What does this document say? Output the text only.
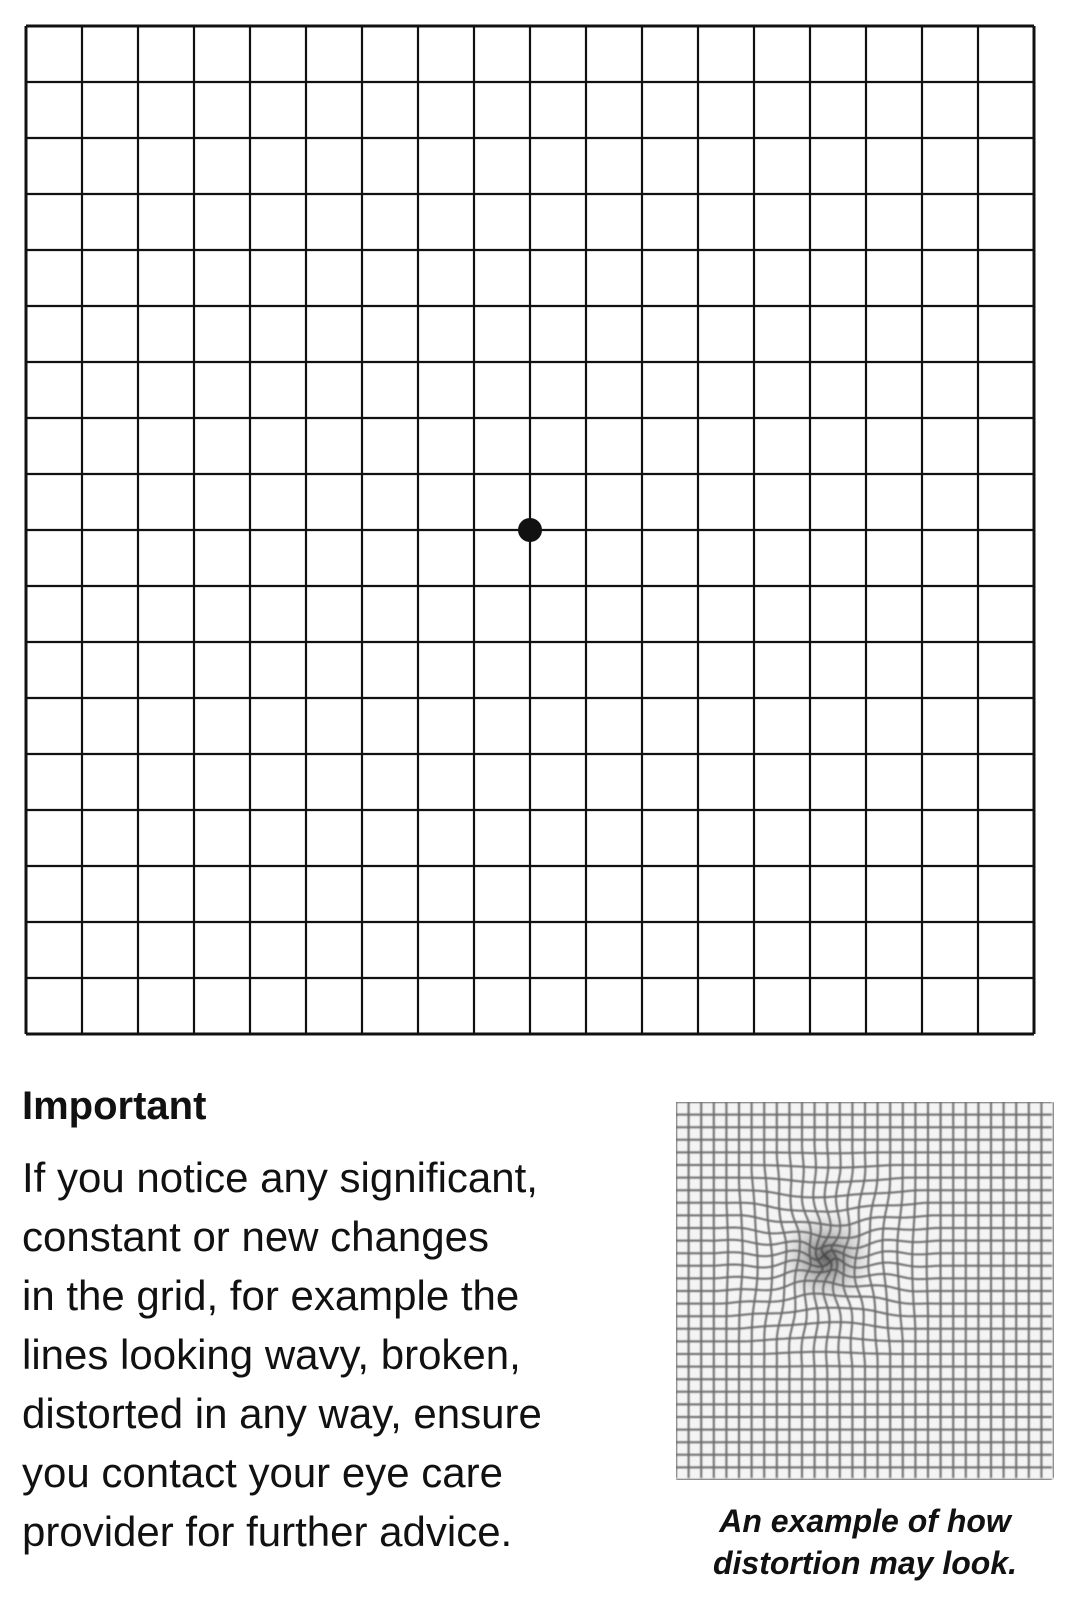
Important

If you notice any significant,
constant or new changes
in the grid, for example the
lines looking wavy, broken,
distorted in any way, ensure
you contact your eye care
provider for further advice.	An example of how
distortion may look.
